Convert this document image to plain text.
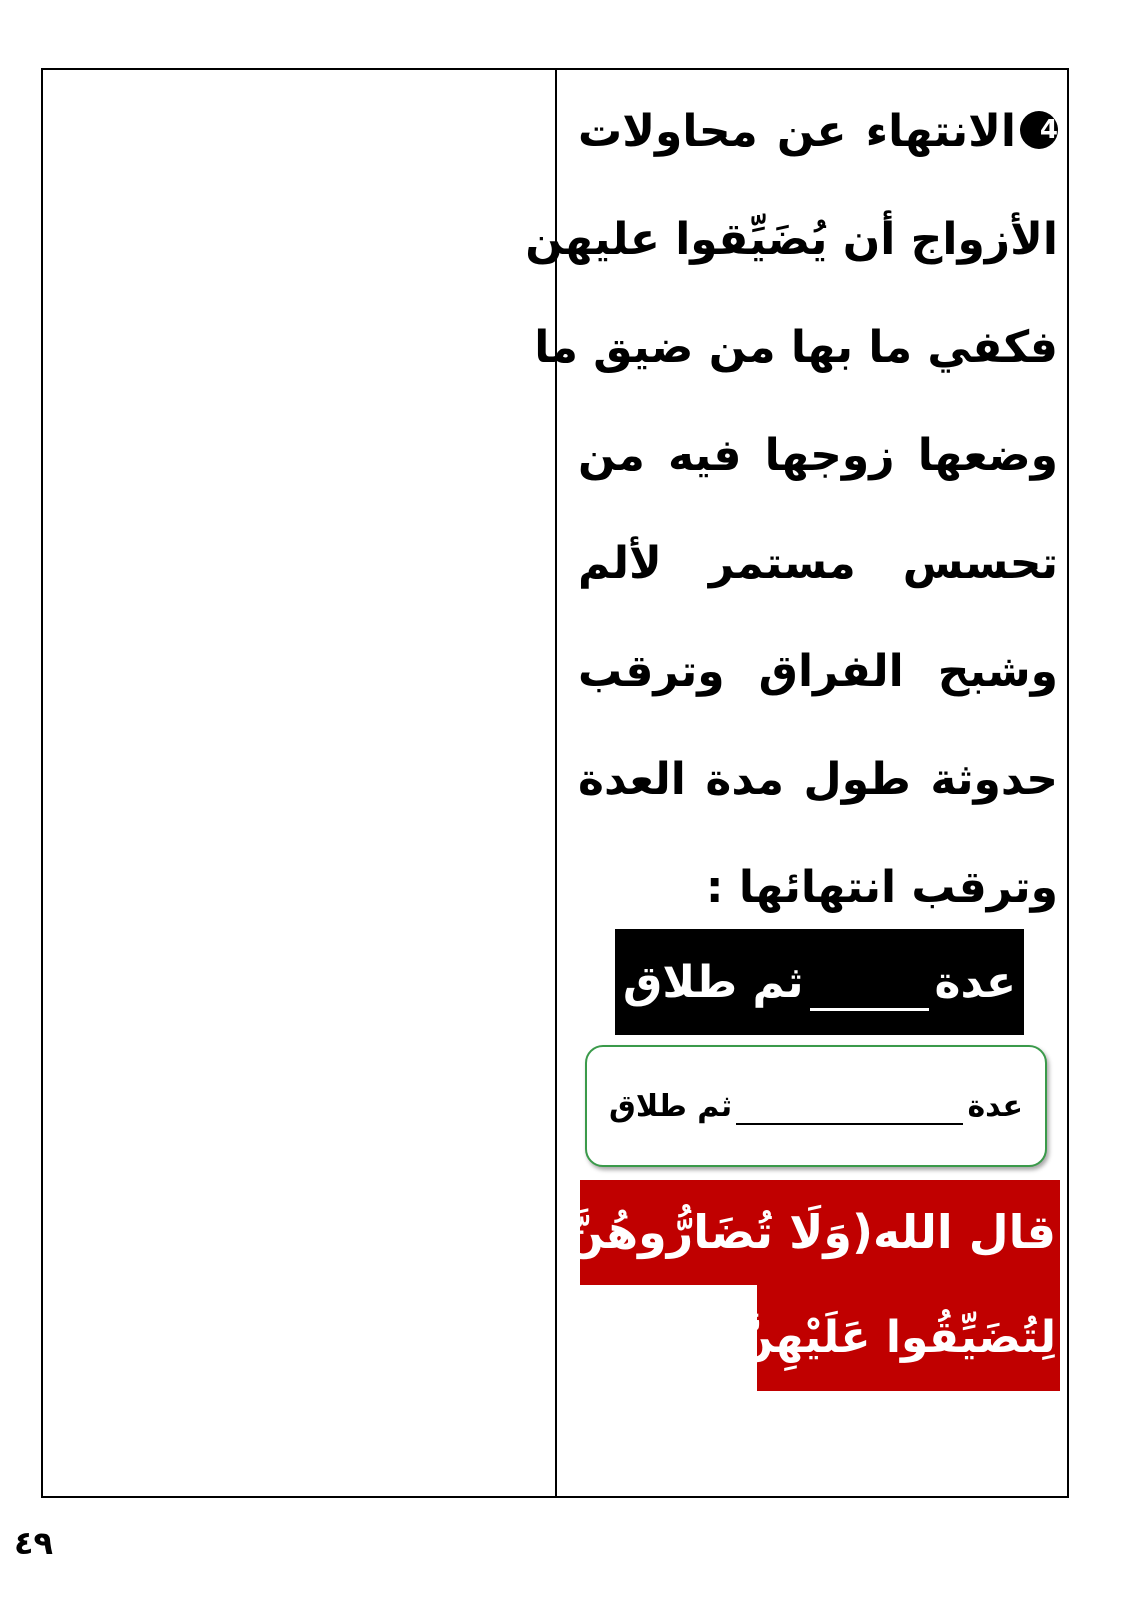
4الانتهاء عن محاولات
الأزواج أن يُضَيِّقوا عليهن
فكفي ما بها من ضيق ما
وضعها زوجها فيه من
تحسس مستمر لألم
وشبح الفراق وترقب
حدوثة طول مدة العدة
وترقب انتهائها :
عدة
ثم طلاق
عدة
ثم طلاق
قال الله(وَلَا تُضَارُّوهُنَّ
لِتُضَيِّقُوا عَلَيْهِنَّ)
٤٩
